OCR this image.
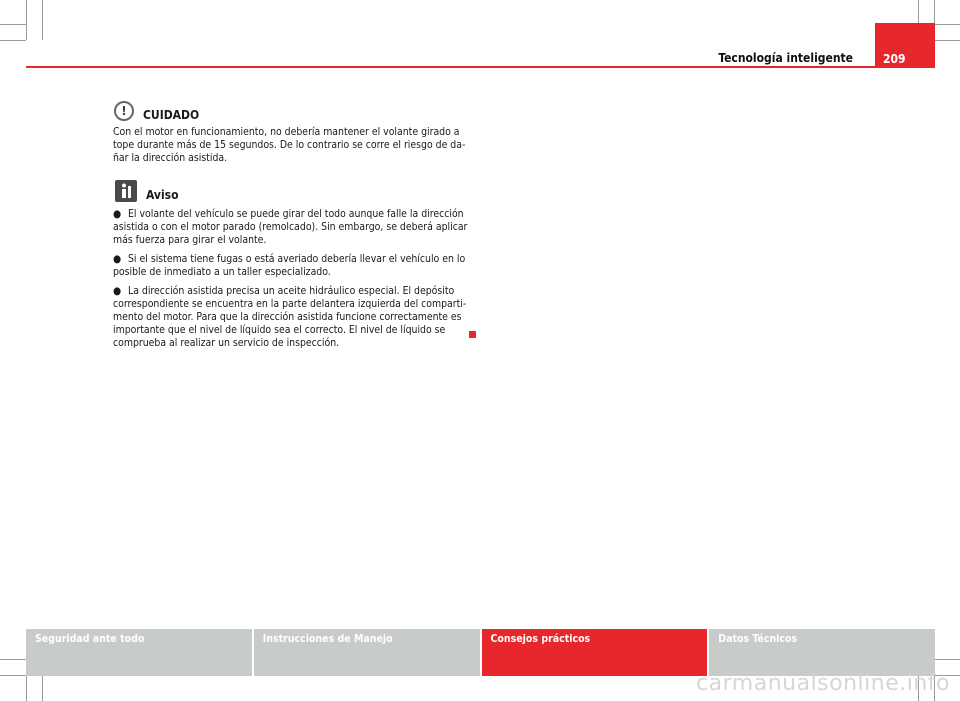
Tecnología inteligente	209
!	CUIDADO

Con el motor en funcionamiento, no debería mantener el volante girado a tope durante más de 15 segundos. De lo contrario se corre el riesgo de da-ñar la dirección asistida.

Aviso

● El volante del vehículo se puede girar del todo aunque falle la dirección asistida o con el motor parado (remolcado). Sin embargo, se deberá aplicar más fuerza para girar el volante.

● Si el sistema tiene fugas o está averiado debería llevar el vehículo en lo posible de inmediato a un taller especializado.

● La dirección asistida precisa un aceite hidráulico especial. El depósito correspondiente se encuentra en la parte delantera izquierda del comparti-mento del motor. Para que la dirección asistida funcione correctamente es importante que el nivel de líquido sea el correcto. El nivel de líquido se comprueba al realizar un servicio de inspección.

Seguridad ante todo	Instrucciones de Manejo	Consejos prácticos	Datos Técnicos
carmanualsonline.info
